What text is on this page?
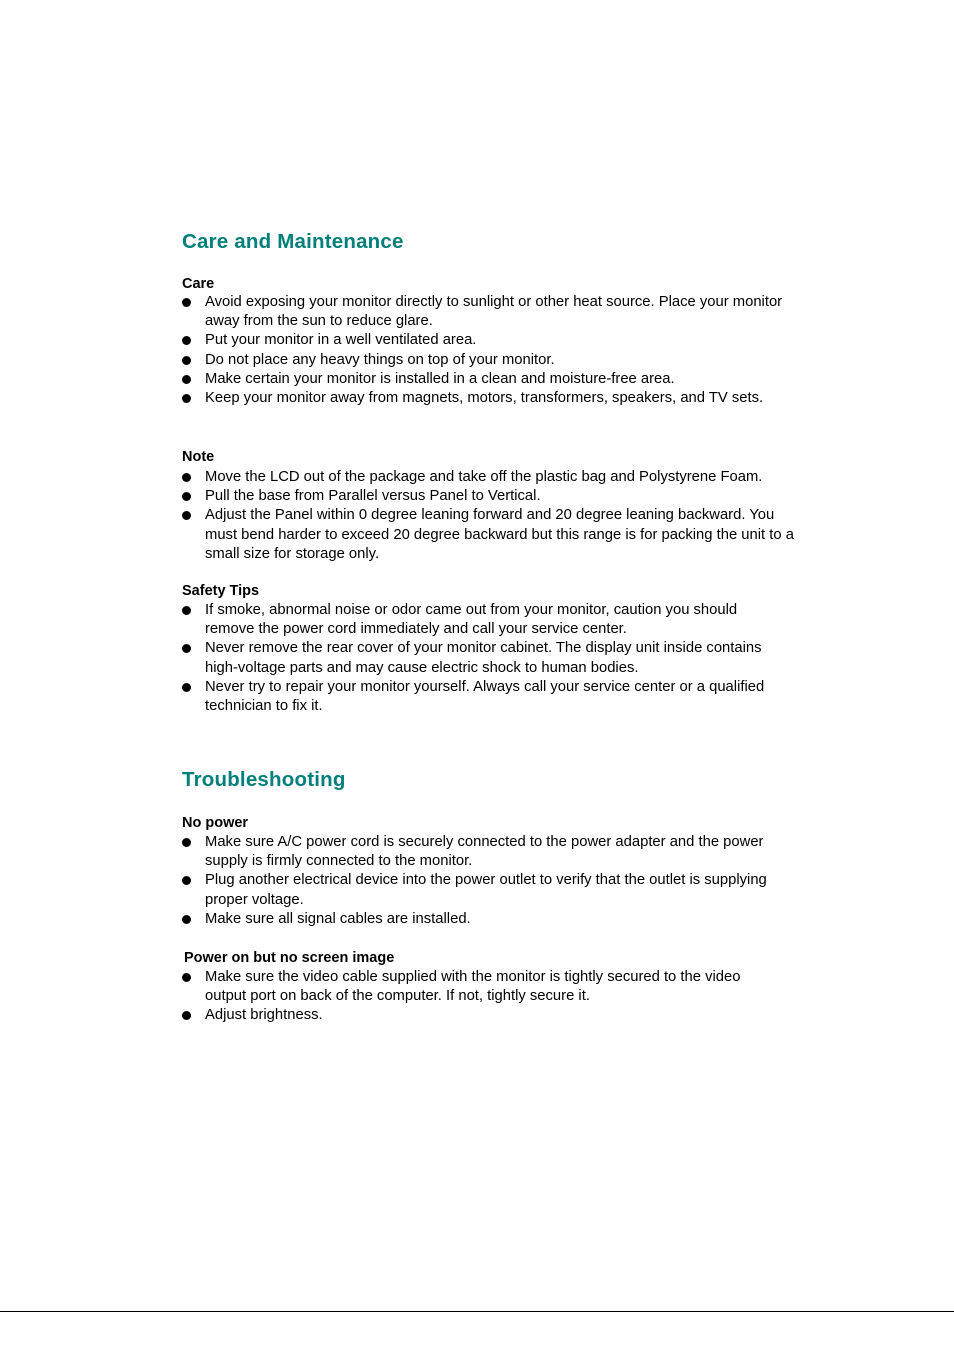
Care and Maintenance

Care

Avoid exposing your monitor directly to sunlight or other heat source. Place your monitor away from the sun to reduce glare.
Put your monitor in a well ventilated area.
Do not place any heavy things on top of your monitor.
Make certain your monitor is installed in a clean and moisture-free area.
Keep your monitor away from magnets, motors, transformers, speakers, and TV sets.

Note

Move the LCD out of the package and take off the plastic bag and Polystyrene Foam.
Pull the base from Parallel versus Panel to Vertical.
Adjust the Panel within 0 degree leaning forward and 20 degree leaning backward. You must bend harder to exceed 20 degree backward but this range is for packing the unit to a small size for storage only.

Safety Tips

If smoke, abnormal noise or odor came out from your monitor, caution you should remove the power cord immediately and call your service center.
Never remove the rear cover of your monitor cabinet. The display unit inside contains high-voltage parts and may cause electric shock to human bodies.
Never try to repair your monitor yourself. Always call your service center or a qualified technician to fix it.
Troubleshooting

No power

Make sure A/C power cord is securely connected to the power adapter and the power supply is firmly connected to the monitor.
Plug another electrical device into the power outlet to verify that the outlet is supplying proper voltage.
Make sure all signal cables are installed.

Power on but no screen image

Make sure the video cable supplied with the monitor is tightly secured to the video output port on back of the computer. If not, tightly secure it.
Adjust brightness.
